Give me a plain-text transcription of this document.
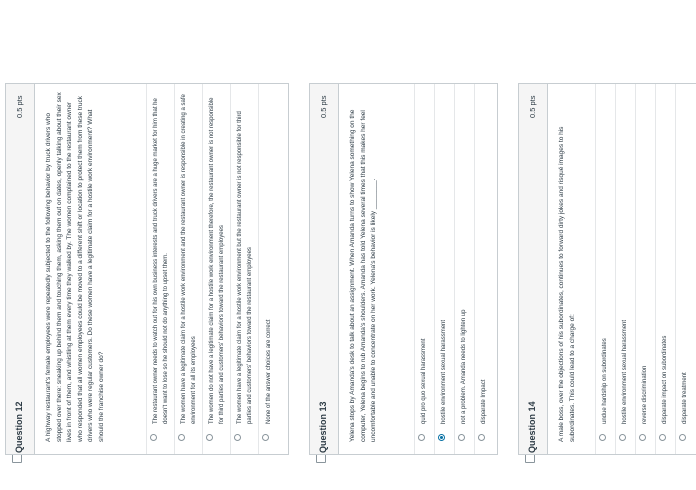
Question 12
0.5 pts
A highway restaurant's female employees were repeatedly subjected to the following behavior by truck drivers who stopped over there: sneaking up behind them and touching them, asking them out on dates, openly talking about their sex lives in front of them, and whistling at them every time they walked by. The women complained to the restaurant owner who responded that all women employees could be moved to a different shift or location to protect them from these truck drivers who were regular customers. Do these women have a legitimate claim for a hostile work environment? What should the franchise owner do?	The restaurant owner needs to watch out for his own business interests and truck drivers are a huge market for him that he doesn't want to lose so he should not do anything to upset them.	The women have a legitimate claim for a hostile work environment and the restaurant owner is responsible in creating a safe environment for all its employees	The women do not have a legitimate claim for a hostile work environment therefore, the restaurant owner is not responsible for third parties and customers' behaviors toward the restaurant employees	The women have a legitimate claim for a hostile work environment but the restaurant owner is not responsible for third parties and customers' behaviors toward the restaurant employees	None of the answer choices are correct
Question 13
0.5 pts
Yelena stops by Amanda's desk to talk about an assignment. When Amanda turns to show Yelena something on the computer, Yelena begins to rub Amanda's shoulders. Amanda has told Yelena several times that this makes her feel uncomfortable and unable to concentrate on her work. Yelena's behavior is likely ________.	quid pro quo sexual harassment	hostile environment sexual harassment	not a problem. Amanda needs to lighten up	disparate Impact	Question 14
0.5 pts
A male boss, over the objections of his subordinates, continues to forward dirty jokes and risqué images to his subordinates. This could lead to a charge of:	undue hardship on subordinates	hostile environment sexual harassment	reverse discrimination	disparate impact on subordinates	disparate treatment
